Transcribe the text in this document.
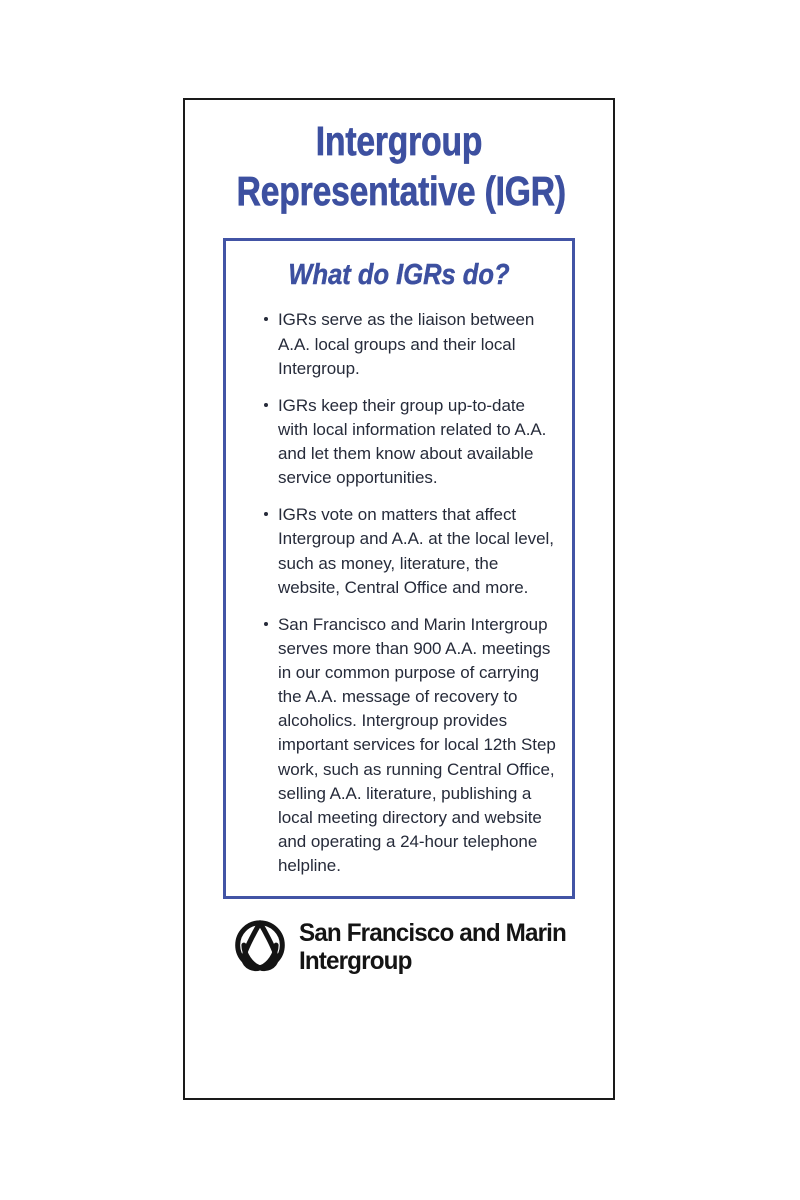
Intergroup
Representative (IGR)
What do IGRs do?
IGRs serve as the liaison between A.A. local groups and their local Intergroup.
IGRs keep their group up-to-date with local information related to A.A. and let them know about available service opportunities.
IGRs vote on matters that affect Intergroup and A.A. at the local level, such as money, literature, the website, Central Office and more.
San Francisco and Marin Intergroup serves more than 900 A.A. meetings in our common purpose of carrying the A.A. message of recovery to alcoholics. Intergroup provides important services for local 12th Step work, such as running Central Office, selling A.A. literature, publishing a local meeting directory and website and operating a 24-hour telephone helpline.
San Francisco and Marin
Intergroup
